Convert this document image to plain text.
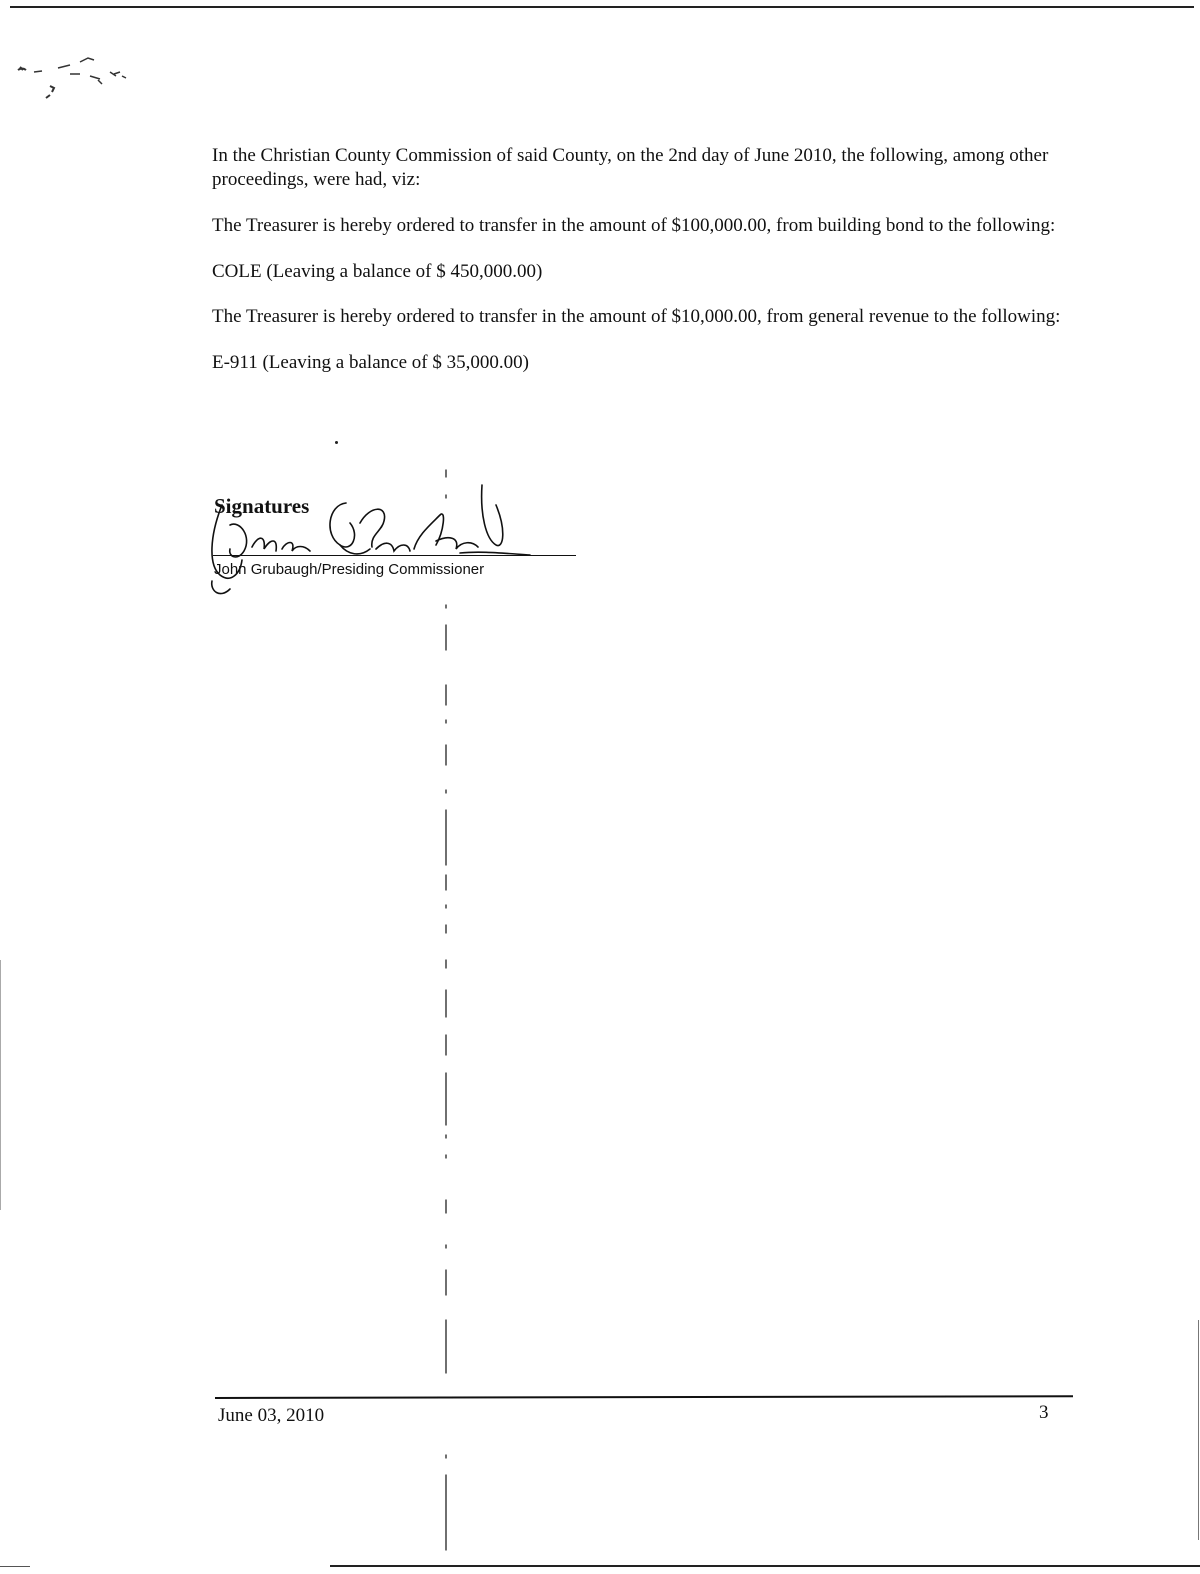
In the Christian County Commission of said County, on the 2nd day of June 2010, the following, among other proceedings, were had, viz:

The Treasurer is hereby ordered to transfer in the amount of $100,000.00, from building bond to the following:

COLE (Leaving a balance of $ 450,000.00)

The Treasurer is hereby ordered to transfer in the amount of $10,000.00, from general revenue to the following:

E-911 (Leaving a balance of $ 35,000.00)

Signatures
John Grubaugh/Presiding Commissioner
June 03, 2010	3
